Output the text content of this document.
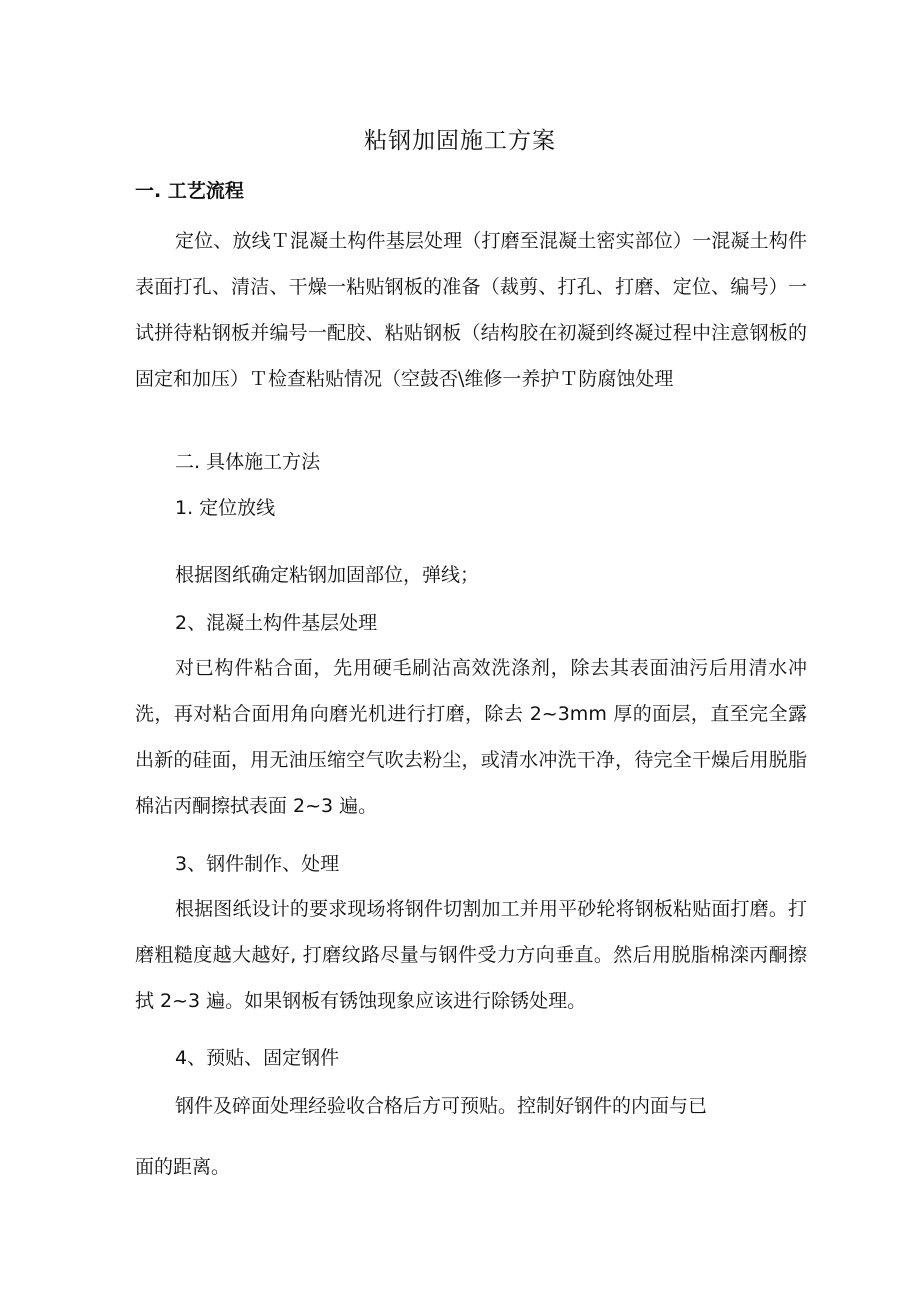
粘钢加固施工方案
一. 工艺流程

定位、放线Ｔ混凝土构件基层处理（打磨至混凝土密实部位）一混凝土构件表面打孔、清洁、干燥一粘贴钢板的准备（裁剪、打孔、打磨、定位、编号）一试拼待粘钢板并编号一配胶、粘贴钢板（结构胶在初凝到终凝过程中注意钢板的固定和加压）Ｔ检查粘贴情况（空鼓否\维修一养护Ｔ防腐蚀处理

二. 具体施工方法
1. 定位放线
根据图纸确定粘钢加固部位，弹线；
2、混凝土构件基层处理

对已构件粘合面，先用硬毛刷沾高效洗涤剂，除去其表面油污后用清水冲洗，再对粘合面用角向磨光机进行打磨，除去 2~3mm 厚的面层，直至完全露出新的硅面，用无油压缩空气吹去粉尘，或清水冲洗干净，待完全干燥后用脱脂棉沾丙酮擦拭表面 2~3 遍。

3、钢件制作、处理

根据图纸设计的要求现场将钢件切割加工并用平砂轮将钢板粘贴面打磨。打磨粗糙度越大越好, 打磨纹路尽量与钢件受力方向垂直。然后用脱脂棉滦丙酮擦拭 2~3 遍。如果钢板有锈蚀现象应该进行除锈处理。

4、预贴、固定钢件
钢件及碎面处理经验收合格后方可预贴。控制好钢件的内面与已
面的距离。
